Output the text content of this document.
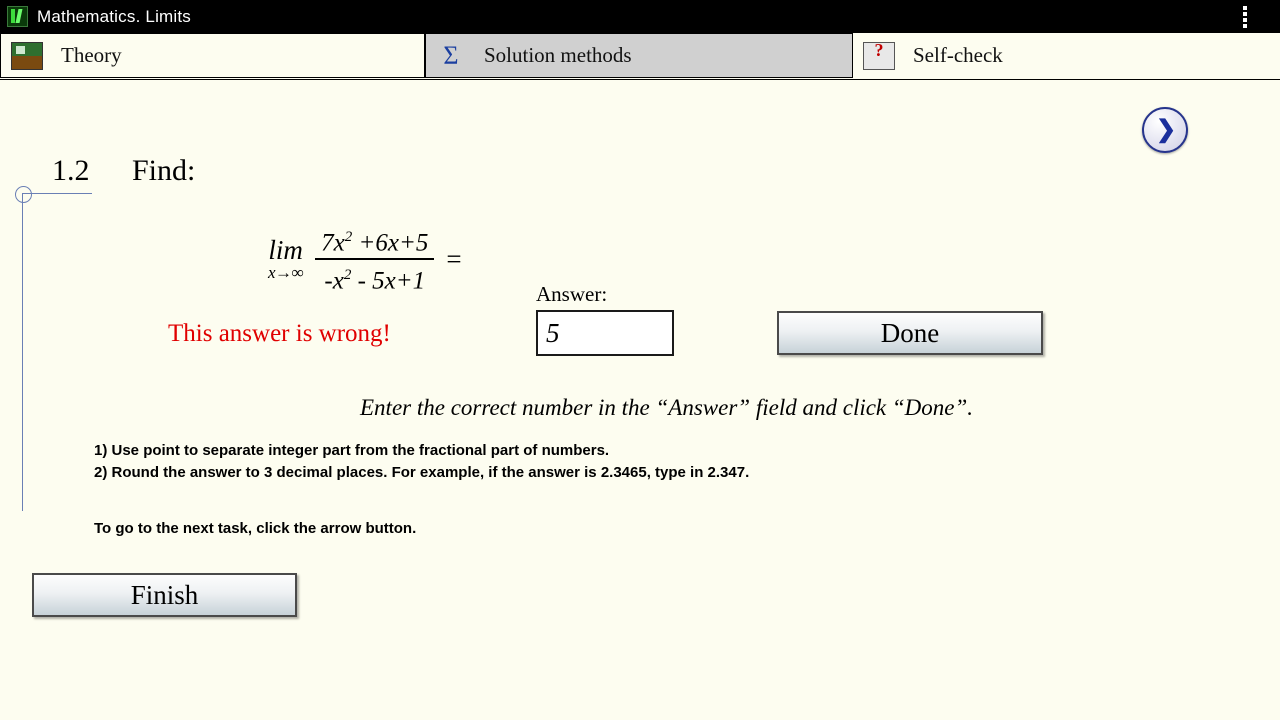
Mathematics. Limits
Theory	Σ	Solution methods ?	Self-check
❯
1.2 Find:
lim
$x\to\infty \frac{7x^2 +6x+5}{-x^2 - 5x+1}$ =
Answer:
5
Done
This answer is wrong!
Enter the correct number in the “Answer” field and click “Done”.
1) Use point to separate integer part from the fractional part of numbers.
2) Round the answer to 3 decimal places. For example, if the answer is 2.3465, type in 2.347.
To go to the next task, click the arrow button.
Finish
